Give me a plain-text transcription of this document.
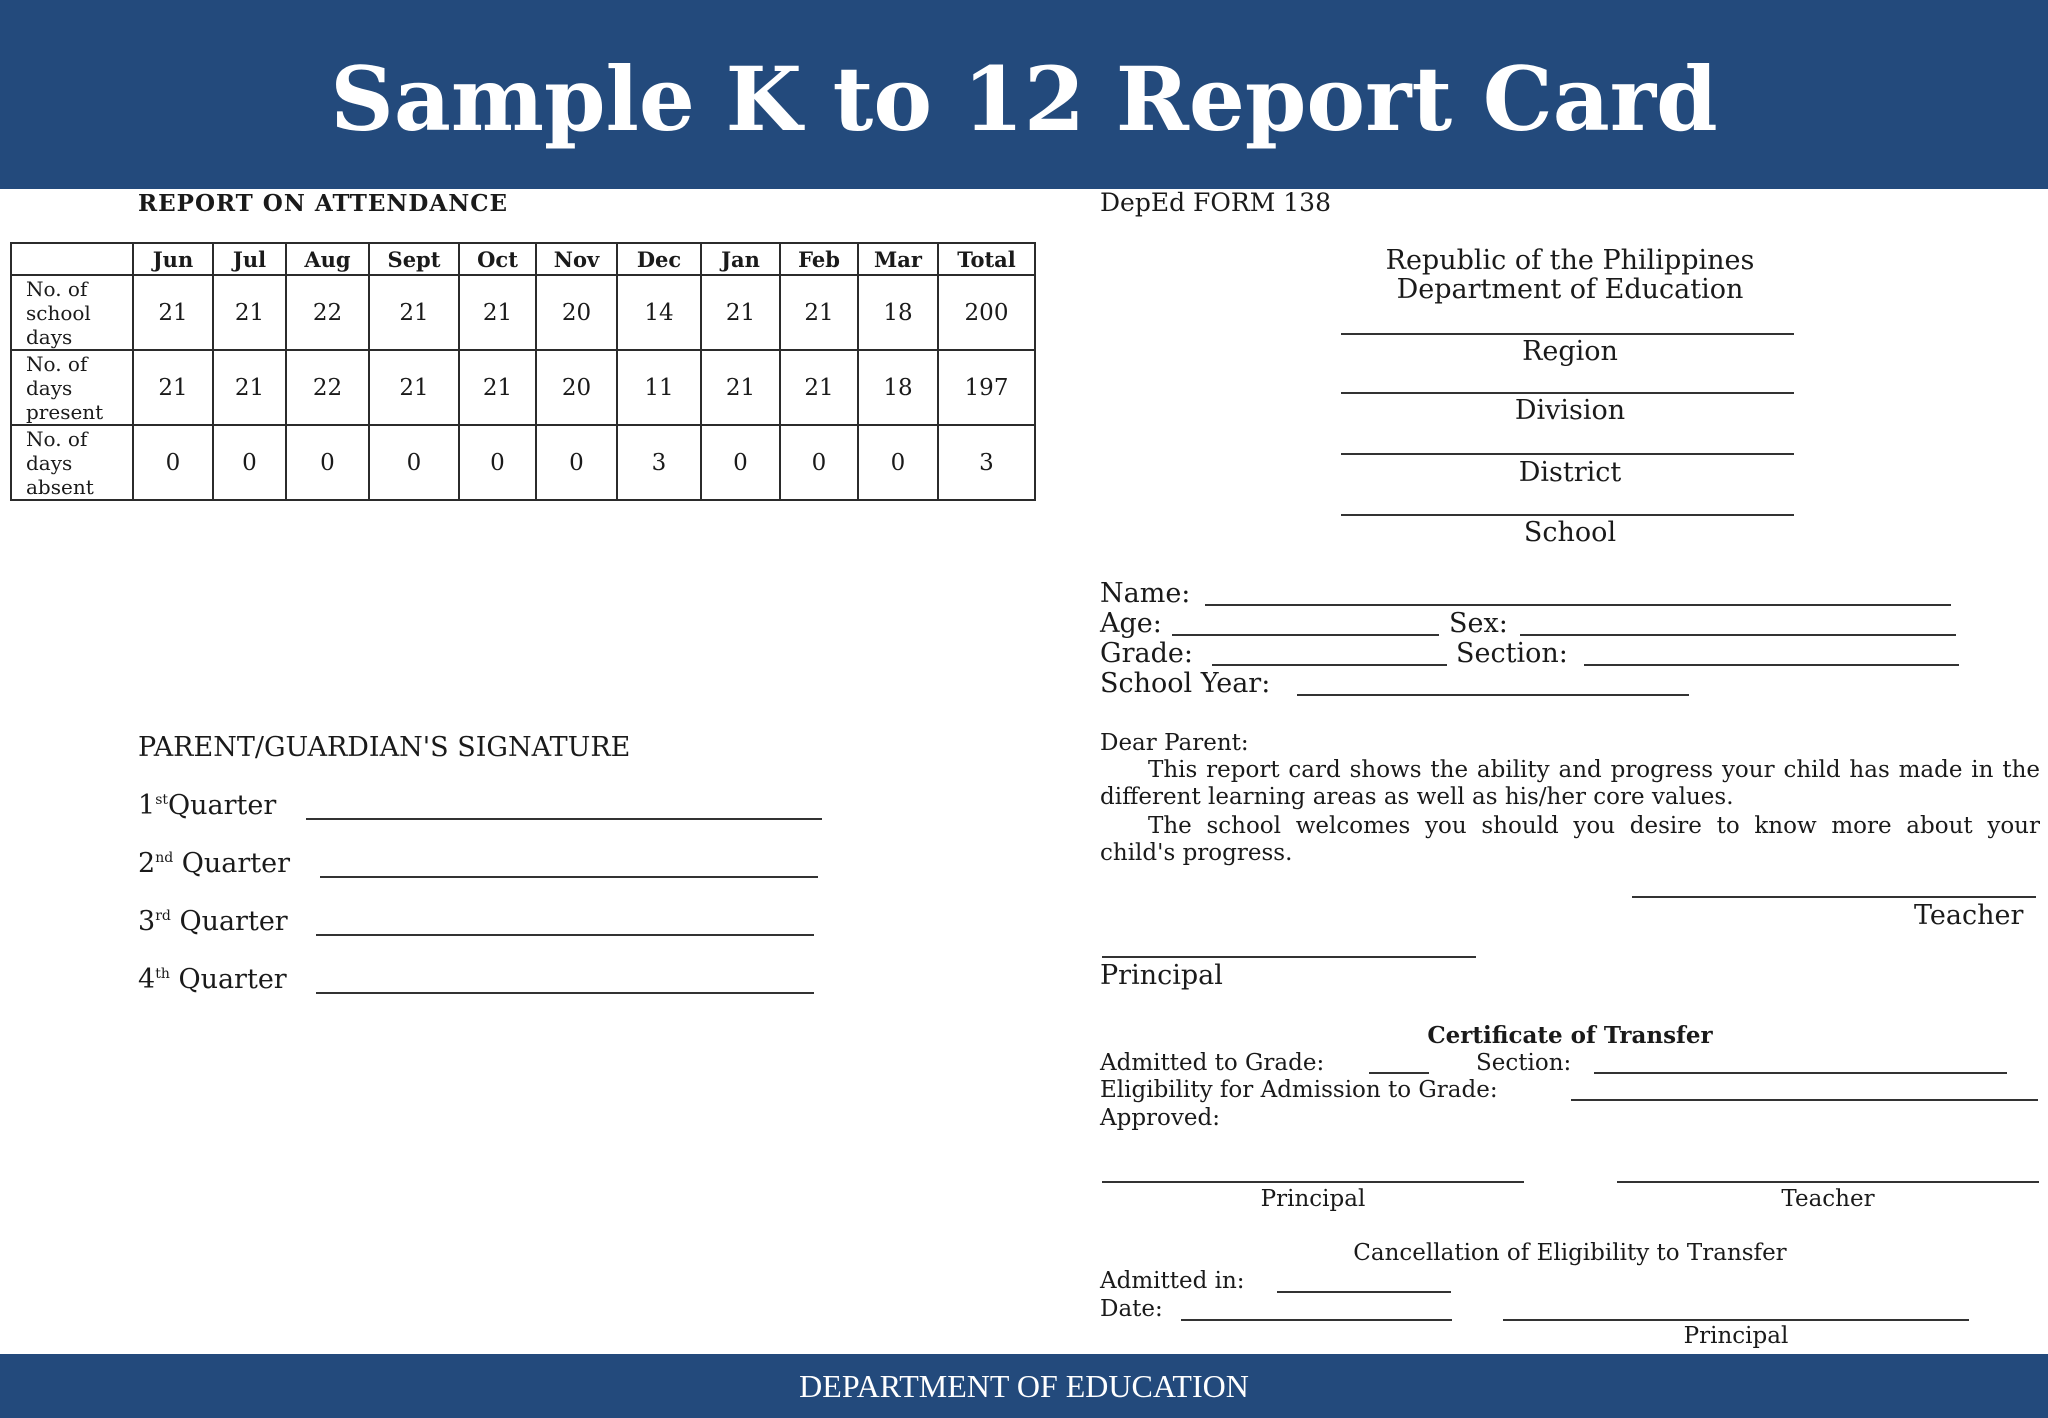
Sample K to 12 Report Card
REPORT ON ATTENDANCE
	Jun	Jul	Aug	Sept	Oct	Nov	Dec	Jan	Feb	Mar	Total
No. of school days	21	21	22	21	21	20	14	21	21	18	200
No. of days present	21	21	22	21	21	20	11	21	21	18	197
No. of days absent	0	0	0	0	0	0	3	0	0	0	3
PARENT/GUARDIAN'S SIGNATURE
1stQuarter
2nd Quarter
3rd Quarter
4th Quarter
DepEd FORM 138
Republic of the Philippines
Department of Education
Region
Division
District
School
Name:
Age:	Sex:
Grade:	Section:
School Year:
Dear Parent:
This report card shows the ability and progress your child has made in the different learning areas as well as his/her core values.
The school welcomes you should you desire to know more about your child's progress.
Teacher
Principal
Certificate of Transfer
Admitted to Grade:	Section:
Eligibility for Admission to Grade:
Approved:
Principal	Teacher
Cancellation of Eligibility to Transfer
Admitted in:
Date:
Principal
DEPARTMENT OF EDUCATION
